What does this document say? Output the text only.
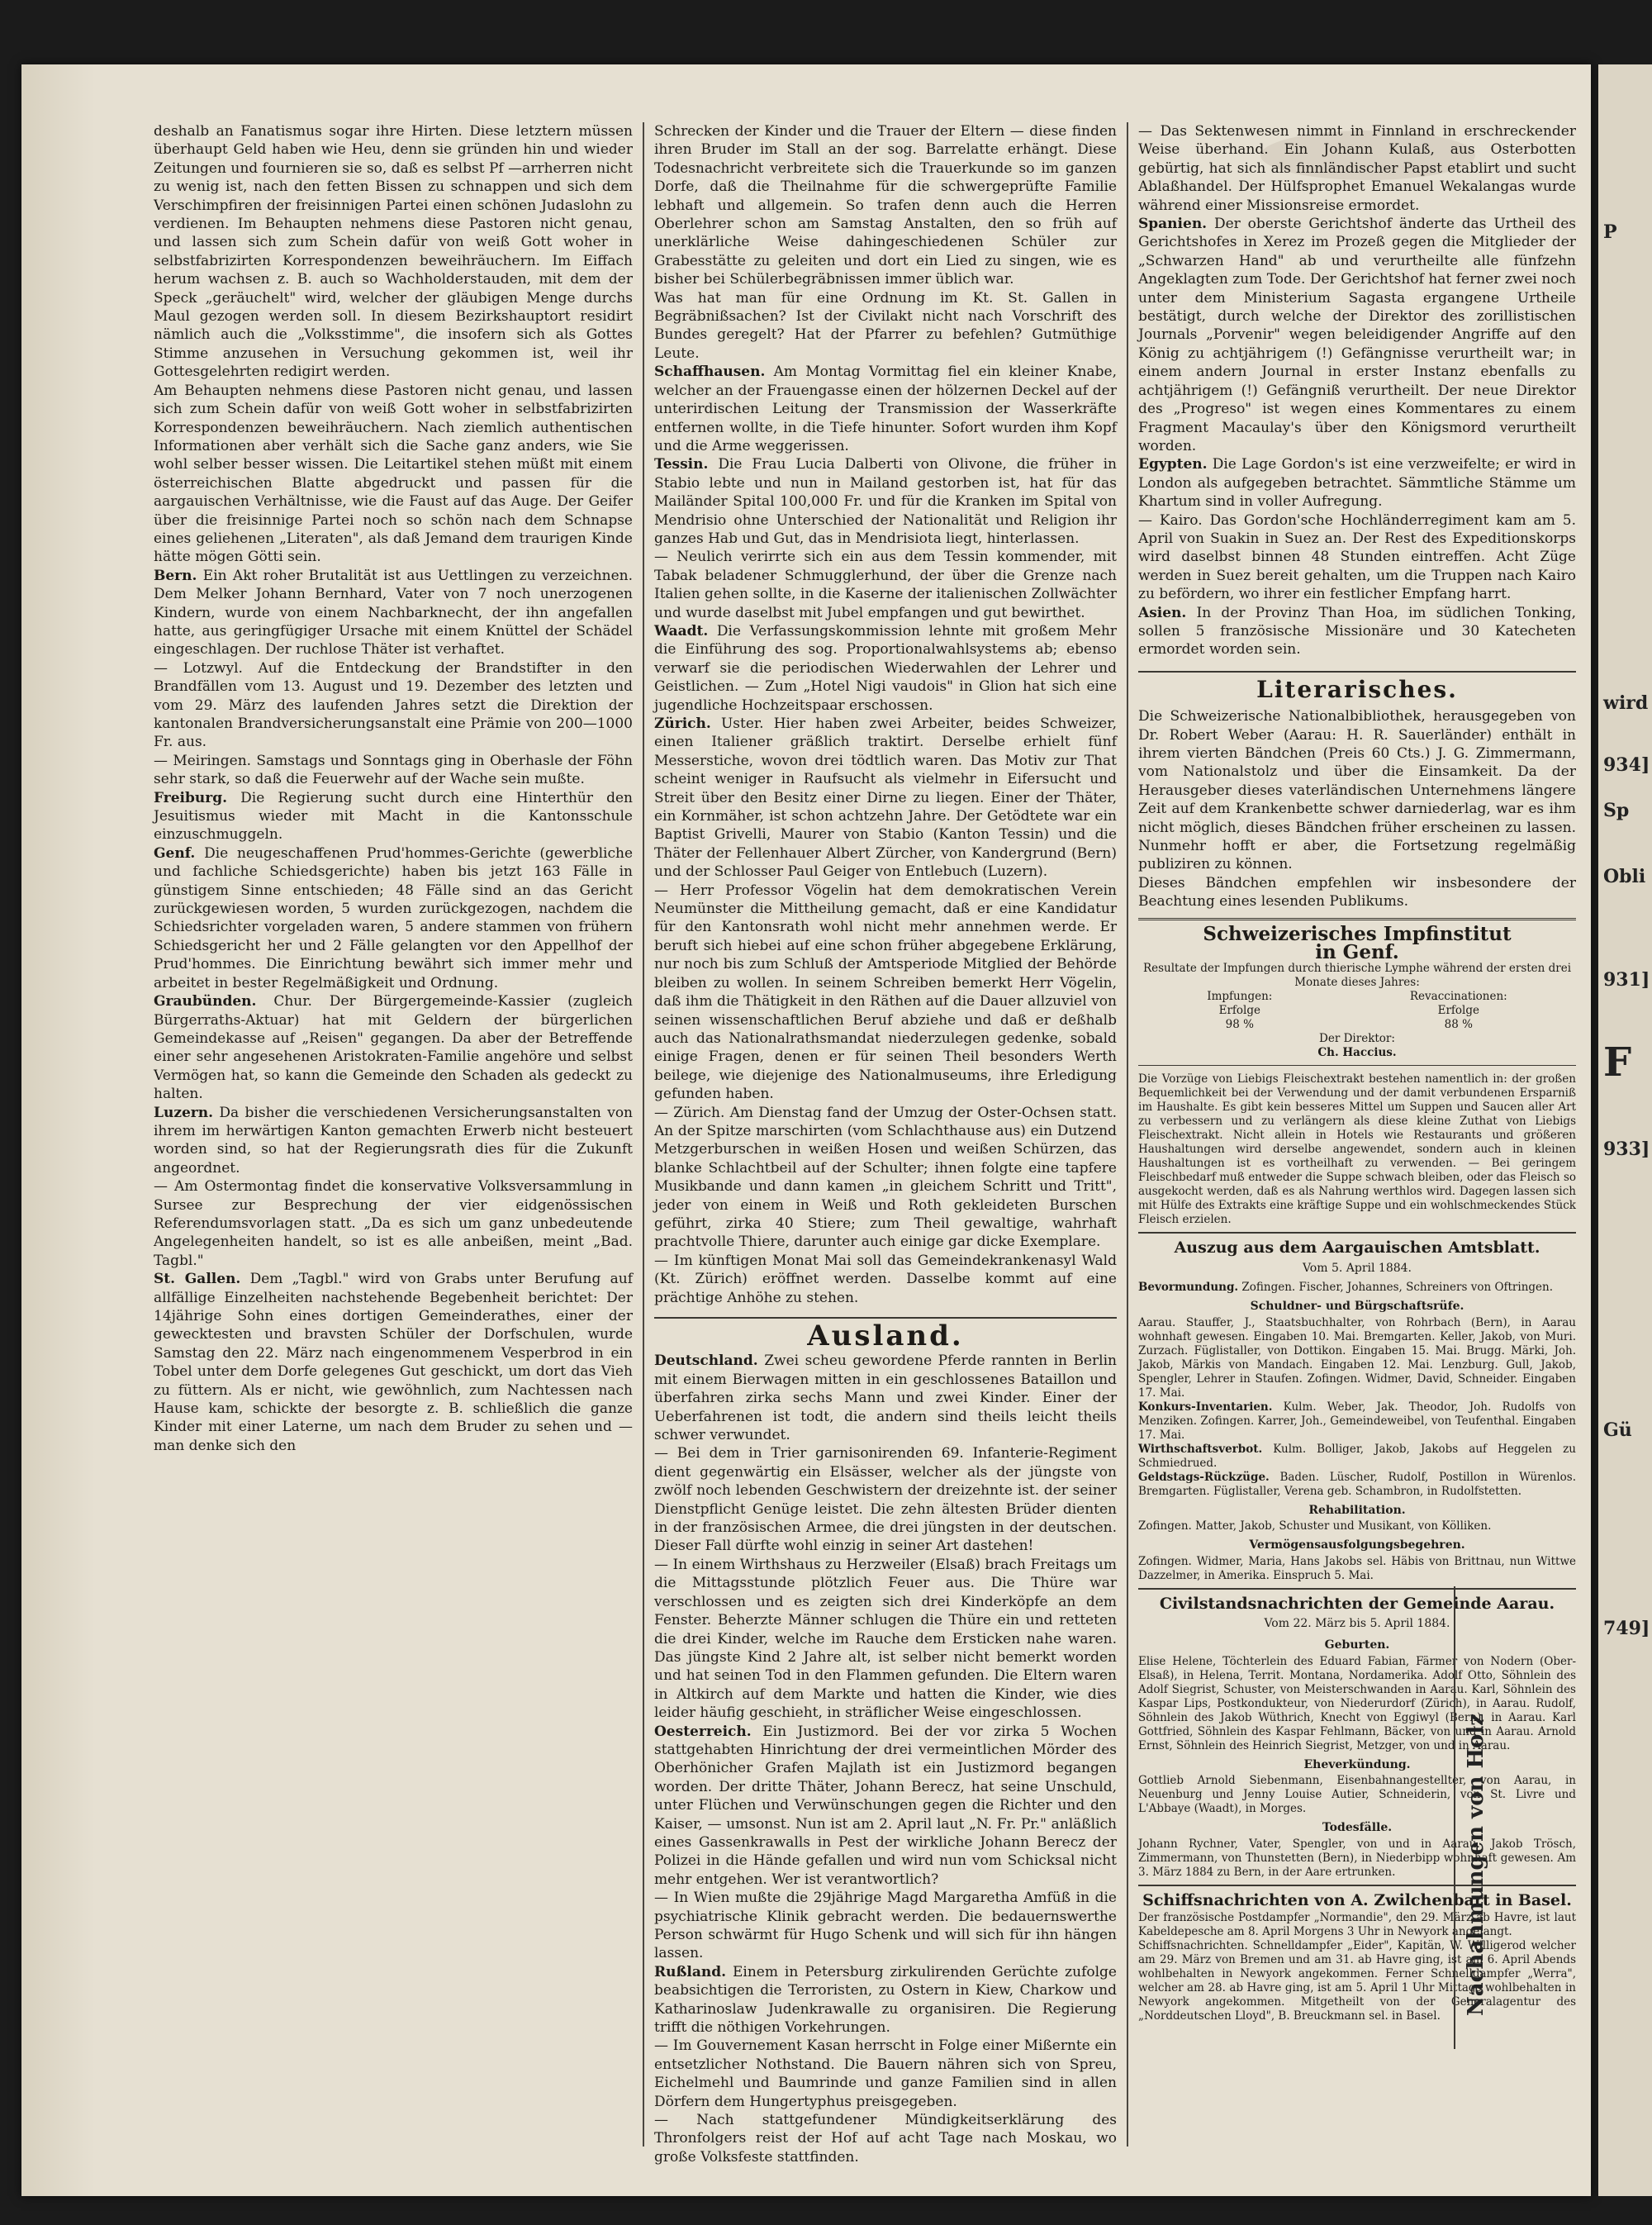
deshalb an Fanatismus sogar ihre Hirten. Diese letztern müssen überhaupt Geld haben wie Heu, denn sie gründen hin und wieder Zeitungen und fournieren sie so, daß es selbst Pf —arrherren nicht zu wenig ist, nach den fetten Bissen zu schnappen und sich dem Verschimpfiren der freisinnigen Partei einen schönen Judaslohn zu verdienen. Im Behaupten nehmens diese Pastoren nicht genau, und lassen sich zum Schein dafür von weiß Gott woher in selbstfabrizirten Korrespondenzen beweihräuchern. Im Eiffach herum wachsen z. B. auch so Wachholderstauden, mit dem der Speck „geräuchelt" wird, welcher der gläubigen Menge durchs Maul gezogen werden soll. In diesem Bezirkshauptort residirt nämlich auch die „Volksstimme", die insofern sich als Gottes Stimme anzusehen in Versuchung gekommen ist, weil ihr Gottesgelehrten redigirt werden.

Am Behaupten nehmens diese Pastoren nicht genau, und lassen sich zum Schein dafür von weiß Gott woher in selbstfabrizirten Korrespondenzen beweihräuchern. Nach ziemlich authentischen Informationen aber verhält sich die Sache ganz anders, wie Sie wohl selber besser wissen. Die Leitartikel stehen müßt mit einem österreichischen Blatte abgedruckt und passen für die aargauischen Verhältnisse, wie die Faust auf das Auge. Der Geifer über die freisinnige Partei noch so schön nach dem Schnapse eines geliehenen „Literaten", als daß Jemand dem traurigen Kinde hätte mögen Götti sein.

Bern. Ein Akt roher Brutalität ist aus Uettlingen zu verzeichnen. Dem Melker Johann Bernhard, Vater von 7 noch unerzogenen Kindern, wurde von einem Nachbarknecht, der ihn angefallen hatte, aus geringfügiger Ursache mit einem Knüttel der Schädel eingeschlagen. Der ruchlose Thäter ist verhaftet.

— Lotzwyl. Auf die Entdeckung der Brandstifter in den Brandfällen vom 13. August und 19. Dezember des letzten und vom 29. März des laufenden Jahres setzt die Direktion der kantonalen Brandversicherungsanstalt eine Prämie von 200—1000 Fr. aus.

— Meiringen. Samstags und Sonntags ging in Oberhasle der Föhn sehr stark, so daß die Feuerwehr auf der Wache sein mußte.

Freiburg. Die Regierung sucht durch eine Hinterthür den Jesuitismus wieder mit Macht in die Kantonsschule einzuschmuggeln.

Genf. Die neugeschaffenen Prud'hommes-Gerichte (gewerbliche und fachliche Schiedsgerichte) haben bis jetzt 163 Fälle in günstigem Sinne entschieden; 48 Fälle sind an das Gericht zurückgewiesen worden, 5 wurden zurückgezogen, nachdem die Schiedsrichter vorgeladen waren, 5 andere stammen von frühern Schiedsgericht her und 2 Fälle gelangten vor den Appellhof der Prud'hommes. Die Einrichtung bewährt sich immer mehr und arbeitet in bester Regelmäßigkeit und Ordnung.

Graubünden. Chur. Der Bürgergemeinde-Kassier (zugleich Bürgerraths-Aktuar) hat mit Geldern der bürgerlichen Gemeindekasse auf „Reisen" gegangen. Da aber der Betreffende einer sehr angesehenen Aristokraten-Familie angehöre und selbst Vermögen hat, so kann die Gemeinde den Schaden als gedeckt zu halten.

Luzern. Da bisher die verschiedenen Versicherungsanstalten von ihrem im herwärtigen Kanton gemachten Erwerb nicht besteuert worden sind, so hat der Regierungsrath dies für die Zukunft angeordnet.

— Am Ostermontag findet die konservative Volksversammlung in Sursee zur Besprechung der vier eidgenössischen Referendumsvorlagen statt. „Da es sich um ganz unbedeutende Angelegenheiten handelt, so ist es alle anbeißen, meint „Bad. Tagbl."

St. Gallen. Dem „Tagbl." wird von Grabs unter Berufung auf allfällige Einzelheiten nachstehende Begebenheit berichtet: Der 14jährige Sohn eines dortigen Gemeinderathes, einer der gewecktesten und bravsten Schüler der Dorfschulen, wurde Samstag den 22. März nach eingenommenem Vesperbrod in ein Tobel unter dem Dorfe gelegenes Gut geschickt, um dort das Vieh zu füttern. Als er nicht, wie gewöhnlich, zum Nachtessen nach Hause kam, schickte der besorgte z. B. schließlich die ganze Kinder mit einer Laterne, um nach dem Bruder zu sehen und — man denke sich den

Schrecken der Kinder und die Trauer der Eltern — diese finden ihren Bruder im Stall an der sog. Barrelatte erhängt. Diese Todesnachricht verbreitete sich die Trauerkunde so im ganzen Dorfe, daß die Theilnahme für die schwergeprüfte Familie lebhaft und allgemein. So trafen denn auch die Herren Oberlehrer schon am Samstag Anstalten, den so früh auf unerklärliche Weise dahingeschiedenen Schüler zur Grabesstätte zu geleiten und dort ein Lied zu singen, wie es bisher bei Schülerbegräbnissen immer üblich war.

Was hat man für eine Ordnung im Kt. St. Gallen in Begräbnißsachen? Ist der Civilakt nicht nach Vorschrift des Bundes geregelt? Hat der Pfarrer zu befehlen? Gutmüthige Leute.

Schaffhausen. Am Montag Vormittag fiel ein kleiner Knabe, welcher an der Frauengasse einen der hölzernen Deckel auf der unterirdischen Leitung der Transmission der Wasserkräfte entfernen wollte, in die Tiefe hinunter. Sofort wurden ihm Kopf und die Arme weggerissen.

Tessin. Die Frau Lucia Dalberti von Olivone, die früher in Stabio lebte und nun in Mailand gestorben ist, hat für das Mailänder Spital 100,000 Fr. und für die Kranken im Spital von Mendrisio ohne Unterschied der Nationalität und Religion ihr ganzes Hab und Gut, das in Mendrisiota liegt, hinterlassen.

— Neulich verirrte sich ein aus dem Tessin kommender, mit Tabak beladener Schmugglerhund, der über die Grenze nach Italien gehen sollte, in die Kaserne der italienischen Zollwächter und wurde daselbst mit Jubel empfangen und gut bewirthet.

Waadt. Die Verfassungskommission lehnte mit großem Mehr die Einführung des sog. Proportionalwahlsystems ab; ebenso verwarf sie die periodischen Wiederwahlen der Lehrer und Geistlichen. — Zum „Hotel Nigi vaudois" in Glion hat sich eine jugendliche Hochzeitspaar erschossen.

Zürich. Uster. Hier haben zwei Arbeiter, beides Schweizer, einen Italiener gräßlich traktirt. Derselbe erhielt fünf Messerstiche, wovon drei tödtlich waren. Das Motiv zur That scheint weniger in Raufsucht als vielmehr in Eifersucht und Streit über den Besitz einer Dirne zu liegen. Einer der Thäter, ein Kornmäher, ist schon achtzehn Jahre. Der Getödtete war ein Baptist Grivelli, Maurer von Stabio (Kanton Tessin) und die Thäter der Fellenhauer Albert Zürcher, von Kandergrund (Bern) und der Schlosser Paul Geiger von Entlebuch (Luzern).

— Herr Professor Vögelin hat dem demokratischen Verein Neumünster die Mittheilung gemacht, daß er eine Kandidatur für den Kantonsrath wohl nicht mehr annehmen werde. Er beruft sich hiebei auf eine schon früher abgegebene Erklärung, nur noch bis zum Schluß der Amtsperiode Mitglied der Behörde bleiben zu wollen. In seinem Schreiben bemerkt Herr Vögelin, daß ihm die Thätigkeit in den Räthen auf die Dauer allzuviel von seinen wissenschaftlichen Beruf abziehe und daß er deßhalb auch das Nationalrathsmandat niederzulegen gedenke, sobald einige Fragen, denen er für seinen Theil besonders Werth beilege, wie diejenige des Nationalmuseums, ihre Erledigung gefunden haben.

— Zürich. Am Dienstag fand der Umzug der Oster-Ochsen statt. An der Spitze marschirten (vom Schlachthause aus) ein Dutzend Metzgerburschen in weißen Hosen und weißen Schürzen, das blanke Schlachtbeil auf der Schulter; ihnen folgte eine tapfere Musikbande und dann kamen „in gleichem Schritt und Tritt", jeder von einem in Weiß und Roth gekleideten Burschen geführt, zirka 40 Stiere; zum Theil gewaltige, wahrhaft prachtvolle Thiere, darunter auch einige gar dicke Exemplare.

— Im künftigen Monat Mai soll das Gemeindekrankenasyl Wald (Kt. Zürich) eröffnet werden. Dasselbe kommt auf eine prächtige Anhöhe zu stehen.

Ausland.

Deutschland. Zwei scheu gewordene Pferde rannten in Berlin mit einem Bierwagen mitten in ein geschlossenes Bataillon und überfahren zirka sechs Mann und zwei Kinder. Einer der Ueberfahrenen ist todt, die andern sind theils leicht theils schwer verwundet.

— Bei dem in Trier garnisonirenden 69. Infanterie-Regiment dient gegenwärtig ein Elsässer, welcher als der jüngste von zwölf noch lebenden Geschwistern der dreizehnte ist. der seiner Dienstpflicht Genüge leistet. Die zehn ältesten Brüder dienten in der französischen Armee, die drei jüngsten in der deutschen. Dieser Fall dürfte wohl einzig in seiner Art dastehen!

— In einem Wirthshaus zu Herzweiler (Elsaß) brach Freitags um die Mittagsstunde plötzlich Feuer aus. Die Thüre war verschlossen und es zeigten sich drei Kinderköpfe an dem Fenster. Beherzte Männer schlugen die Thüre ein und retteten die drei Kinder, welche im Rauche dem Ersticken nahe waren. Das jüngste Kind 2 Jahre alt, ist selber nicht bemerkt worden und hat seinen Tod in den Flammen gefunden. Die Eltern waren in Altkirch auf dem Markte und hatten die Kinder, wie dies leider häufig geschieht, in sträflicher Weise eingeschlossen.

Oesterreich. Ein Justizmord. Bei der vor zirka 5 Wochen stattgehabten Hinrichtung der drei vermeintlichen Mörder des Oberhönicher Grafen Majlath ist ein Justizmord begangen worden. Der dritte Thäter, Johann Berecz, hat seine Unschuld, unter Flüchen und Verwünschungen gegen die Richter und den Kaiser, — umsonst. Nun ist am 2. April laut „N. Fr. Pr." anläßlich eines Gassenkrawalls in Pest der wirkliche Johann Berecz der Polizei in die Hände gefallen und wird nun vom Schicksal nicht mehr entgehen. Wer ist verantwortlich?

— In Wien mußte die 29jährige Magd Margaretha Amfüß in die psychiatrische Klinik gebracht werden. Die bedauernswerthe Person schwärmt für Hugo Schenk und will sich für ihn hängen lassen.

Rußland. Einem in Petersburg zirkulirenden Gerüchte zufolge beabsichtigen die Terroristen, zu Ostern in Kiew, Charkow und Katharinoslaw Judenkrawalle zu organisiren. Die Regierung trifft die nöthigen Vorkehrungen.

— Im Gouvernement Kasan herrscht in Folge einer Mißernte ein entsetzlicher Nothstand. Die Bauern nähren sich von Spreu, Eichelmehl und Baumrinde und ganze Familien sind in allen Dörfern dem Hungertyphus preisgegeben.

— Nach stattgefundener Mündigkeitserklärung des Thronfolgers reist der Hof auf acht Tage nach Moskau, wo große Volksfeste stattfinden.

— Das Sektenwesen nimmt in Finnland in erschreckender Weise überhand. Ein Johann Kulaß, aus Osterbotten gebürtig, hat sich als finnländischer Papst etablirt und sucht Ablaßhandel. Der Hülfsprophet Emanuel Wekalangas wurde während einer Missionsreise ermordet.

Spanien. Der oberste Gerichtshof änderte das Urtheil des Gerichtshofes in Xerez im Prozeß gegen die Mitglieder der „Schwarzen Hand" ab und verurtheilte alle fünfzehn Angeklagten zum Tode. Der Gerichtshof hat ferner zwei noch unter dem Ministerium Sagasta ergangene Urtheile bestätigt, durch welche der Direktor des zorillistischen Journals „Porvenir" wegen beleidigender Angriffe auf den König zu achtjährigem (!) Gefängnisse verurtheilt war; in einem andern Journal in erster Instanz ebenfalls zu achtjährigem (!) Gefängniß verurtheilt. Der neue Direktor des „Progreso" ist wegen eines Kommentares zu einem Fragment Macaulay's über den Königsmord verurtheilt worden.

Egypten. Die Lage Gordon's ist eine verzweifelte; er wird in London als aufgegeben betrachtet. Sämmtliche Stämme um Khartum sind in voller Aufregung.

— Kairo. Das Gordon'sche Hochländerregiment kam am 5. April von Suakin in Suez an. Der Rest des Expeditionskorps wird daselbst binnen 48 Stunden eintreffen. Acht Züge werden in Suez bereit gehalten, um die Truppen nach Kairo zu befördern, wo ihrer ein festlicher Empfang harrt.

Asien. In der Provinz Than Hoa, im südlichen Tonking, sollen 5 französische Missionäre und 30 Katecheten ermordet worden sein.

Literarisches.

Die Schweizerische Nationalbibliothek, herausgegeben von Dr. Robert Weber (Aarau: H. R. Sauerländer) enthält in ihrem vierten Bändchen (Preis 60 Cts.) J. G. Zimmermann, vom Nationalstolz und über die Einsamkeit. Da der Herausgeber dieses vaterländischen Unternehmens längere Zeit auf dem Krankenbette schwer darniederlag, war es ihm nicht möglich, dieses Bändchen früher erscheinen zu lassen. Nunmehr hofft er aber, die Fortsetzung regelmäßig publiziren zu können.

Dieses Bändchen empfehlen wir insbesondere der Beachtung eines lesenden Publikums.

Schweizerisches Impfinstitut
in Genf.
Resultate der Impfungen durch thierische Lymphe während der ersten drei Monate dieses Jahres:
Impfungen:
Erfolge
98 %
Revaccinationen:
Erfolge
88 %
Der Direktor:
Ch. Haccius.

Die Vorzüge von Liebigs Fleischextrakt bestehen namentlich in: der großen Bequemlichkeit bei der Verwendung und der damit verbundenen Ersparniß im Haushalte. Es gibt kein besseres Mittel um Suppen und Saucen aller Art zu verbessern und zu verlängern als diese kleine Zuthat von Liebigs Fleischextrakt. Nicht allein in Hotels wie Restaurants und größeren Haushaltungen wird derselbe angewendet, sondern auch in kleinen Haushaltungen ist es vortheilhaft zu verwenden. — Bei geringem Fleischbedarf muß entweder die Suppe schwach bleiben, oder das Fleisch so ausgekocht werden, daß es als Nahrung werthlos wird. Dagegen lassen sich mit Hülfe des Extrakts eine kräftige Suppe und ein wohlschmeckendes Stück Fleisch erzielen.

Auszug aus dem Aargauischen Amtsblatt.
Vom 5. April 1884.

Bevormundung. Zofingen. Fischer, Johannes, Schreiners von Oftringen.

Schuldner- und Bürgschaftsrüfe.

Aarau. Stauffer, J., Staatsbuchhalter, von Rohrbach (Bern), in Aarau wohnhaft gewesen. Eingaben 10. Mai. Bremgarten. Keller, Jakob, von Muri. Zurzach. Füglistaller, von Dottikon. Eingaben 15. Mai. Brugg. Märki, Joh. Jakob, Märkis von Mandach. Eingaben 12. Mai. Lenzburg. Gull, Jakob, Spengler, Lehrer in Staufen. Zofingen. Widmer, David, Schneider. Eingaben 17. Mai.

Konkurs-Inventarien. Kulm. Weber, Jak. Theodor, Joh. Rudolfs von Menziken. Zofingen. Karrer, Joh., Gemeindeweibel, von Teufenthal. Eingaben 17. Mai.

Wirthschaftsverbot. Kulm. Bolliger, Jakob, Jakobs auf Heggelen zu Schmiedrued.

Geldstags-Rückzüge. Baden. Lüscher, Rudolf, Postillon in Würenlos. Bremgarten. Füglistaller, Verena geb. Schambron, in Rudolfstetten.

Rehabilitation.

Zofingen. Matter, Jakob, Schuster und Musikant, von Kölliken.

Vermögensausfolgungsbegehren.

Zofingen. Widmer, Maria, Hans Jakobs sel. Häbis von Brittnau, nun Wittwe Dazzelmer, in Amerika. Einspruch 5. Mai.

Civilstandsnachrichten der Gemeinde Aarau.
Vom 22. März bis 5. April 1884.
Geburten.

Elise Helene, Töchterlein des Eduard Fabian, Färmer von Nodern (Ober-Elsaß), in Helena, Territ. Montana, Nordamerika. Adolf Otto, Söhnlein des Adolf Siegrist, Schuster, von Meisterschwanden in Aarau. Karl, Söhnlein des Kaspar Lips, Postkondukteur, von Niederurdorf (Zürich), in Aarau. Rudolf, Söhnlein des Jakob Wüthrich, Knecht von Eggiwyl (Bern), in Aarau. Karl Gottfried, Söhnlein des Kaspar Fehlmann, Bäcker, von und in Aarau. Arnold Ernst, Söhnlein des Heinrich Siegrist, Metzger, von und in Aarau.

Eheverkündung.

Gottlieb Arnold Siebenmann, Eisenbahnangestellter, von Aarau, in Neuenburg und Jenny Louise Autier, Schneiderin, von St. Livre und L'Abbaye (Waadt), in Morges.

Todesfälle.

Johann Rychner, Vater, Spengler, von und in Aarau. Jakob Trösch, Zimmermann, von Thunstetten (Bern), in Niederbipp wohnhaft gewesen. Am 3. März 1884 zu Bern, in der Aare ertrunken.

Schiffsnachrichten von A. Zwilchenbart in Basel.

Der französische Postdampfer „Normandie", den 29. März ab Havre, ist laut Kabeldepesche am 8. April Morgens 3 Uhr in Newyork angelangt.

Schiffsnachrichten. Schnelldampfer „Eider", Kapitän, W. Willigerod welcher am 29. März von Bremen und am 31. ab Havre ging, ist am 6. April Abends wohlbehalten in Newyork angekommen. Ferner Schnelldampfer „Werra", welcher am 28. ab Havre ging, ist am 5. April 1 Uhr Mittags wohlbehalten in Newyork angekommen. Mitgetheilt von der Generalagentur des „Norddeutschen Lloyd", B. Breuckmann sel. in Basel.	Nachahmungen von Holz
P
wird
934]
Sp
Obli
931]
F
933]
Gü
749]
